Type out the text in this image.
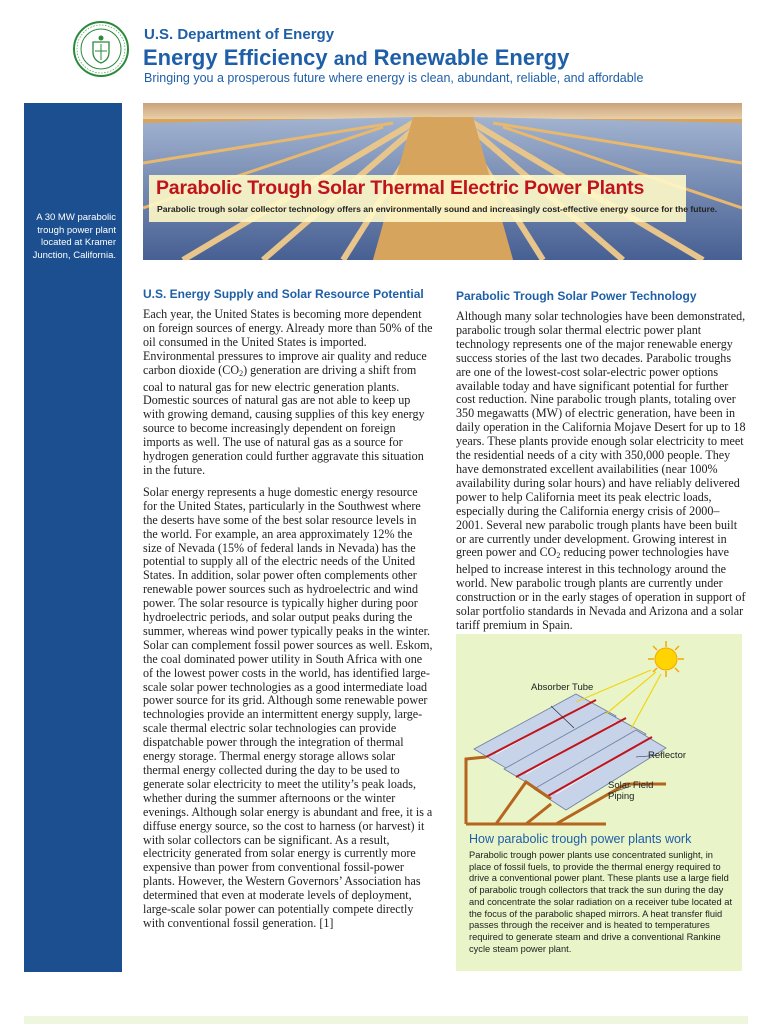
U.S. Department of Energy
Energy Efficiency and Renewable Energy
Bringing you a prosperous future where energy is clean, abundant, reliable, and affordable
A 30 MW parabolic trough power plant located at Kramer Junction, California.
Parabolic Trough Solar Thermal Electric Power Plants
Parabolic trough solar collector technology offers an environmentally sound and increasingly cost-effective energy source for the future.
U.S. Energy Supply and Solar Resource Potential

Each year, the United States is becoming more dependent on foreign sources of energy. Already more than 50% of the oil consumed in the United States is imported. Environmental pressures to improve air quality and reduce carbon dioxide $(CO_2)$ generation are driving a shift from coal to natural gas for new electric generation plants. Domestic sources of natural gas are not able to keep up with growing demand, causing supplies of this key energy source to become increasingly dependent on foreign imports as well. The use of natural gas as a source for hydrogen generation could further aggravate this situation in the future.

Solar energy represents a huge domestic energy resource for the United States, particularly in the Southwest where the deserts have some of the best solar resource levels in the world. For example, an area approximately 12% the size of Nevada (15% of federal lands in Nevada) has the potential to supply all of the electric needs of the United States. In addition, solar power often complements other renewable power sources such as hydroelectric and wind power. The solar resource is typically higher during poor hydroelectric periods, and solar output peaks during the summer, whereas wind power typically peaks in the winter. Solar can complement fossil power sources as well. Eskom, the coal dominated power utility in South Africa with one of the lowest power costs in the world, has identified large-scale solar power technologies as a good intermediate load power source for its grid. Although some renewable power technologies provide an intermittent energy supply, large-scale thermal electric solar technologies can provide dispatchable power through the integration of thermal energy storage. Thermal energy storage allows solar thermal energy collected during the day to be used to generate solar electricity to meet the utility’s peak loads, whether during the summer afternoons or the winter evenings. Although solar energy is abundant and free, it is a diffuse energy source, so the cost to harness (or harvest) it with solar collectors can be significant. As a result, electricity generated from solar energy is currently more expensive than power from conventional fossil-power plants. However, the Western Governors’ Association has determined that even at moderate levels of deployment, large-scale solar power can potentially compete directly with conventional fossil generation. [1]

Parabolic Trough Solar Power Technology

Although many solar technologies have been demonstrated, parabolic trough solar thermal electric power plant technology represents one of the major renewable energy success stories of the last two decades. Parabolic troughs are one of the lowest-cost solar-electric power options available today and have significant potential for further cost reduction. Nine parabolic trough plants, totaling over 350 megawatts (MW) of electric generation, have been in daily operation in the California Mojave Desert for up to 18 years. These plants provide enough solar electricity to meet the residential needs of a city with 350,000 people. They have demonstrated excellent availabilities (near 100% availability during solar hours) and have reliably delivered power to help California meet its peak electric loads, especially during the California energy crisis of 2000–2001. Several new parabolic trough plants have been built or are currently under development. Growing interest in green power and $CO_2$ reducing power technologies have helped to increase interest in this technology around the world. New parabolic trough plants are currently under construction or in the early stages of operation in support of solar portfolio standards in Nevada and Arizona and a solar tariff premium in Spain.

Absorber Tube
Reflector
Solar Field Piping
How parabolic trough power plants work
Parabolic trough power plants use concentrated sunlight, in place of fossil fuels, to provide the thermal energy required to drive a conventional power plant. These plants use a large field of parabolic trough collectors that track the sun during the day and concentrate the solar radiation on a receiver tube located at the focus of the parabolic shaped mirrors. A heat transfer fluid passes through the receiver and is heated to temperatures required to generate steam and drive a conventional Rankine cycle steam power plant.
